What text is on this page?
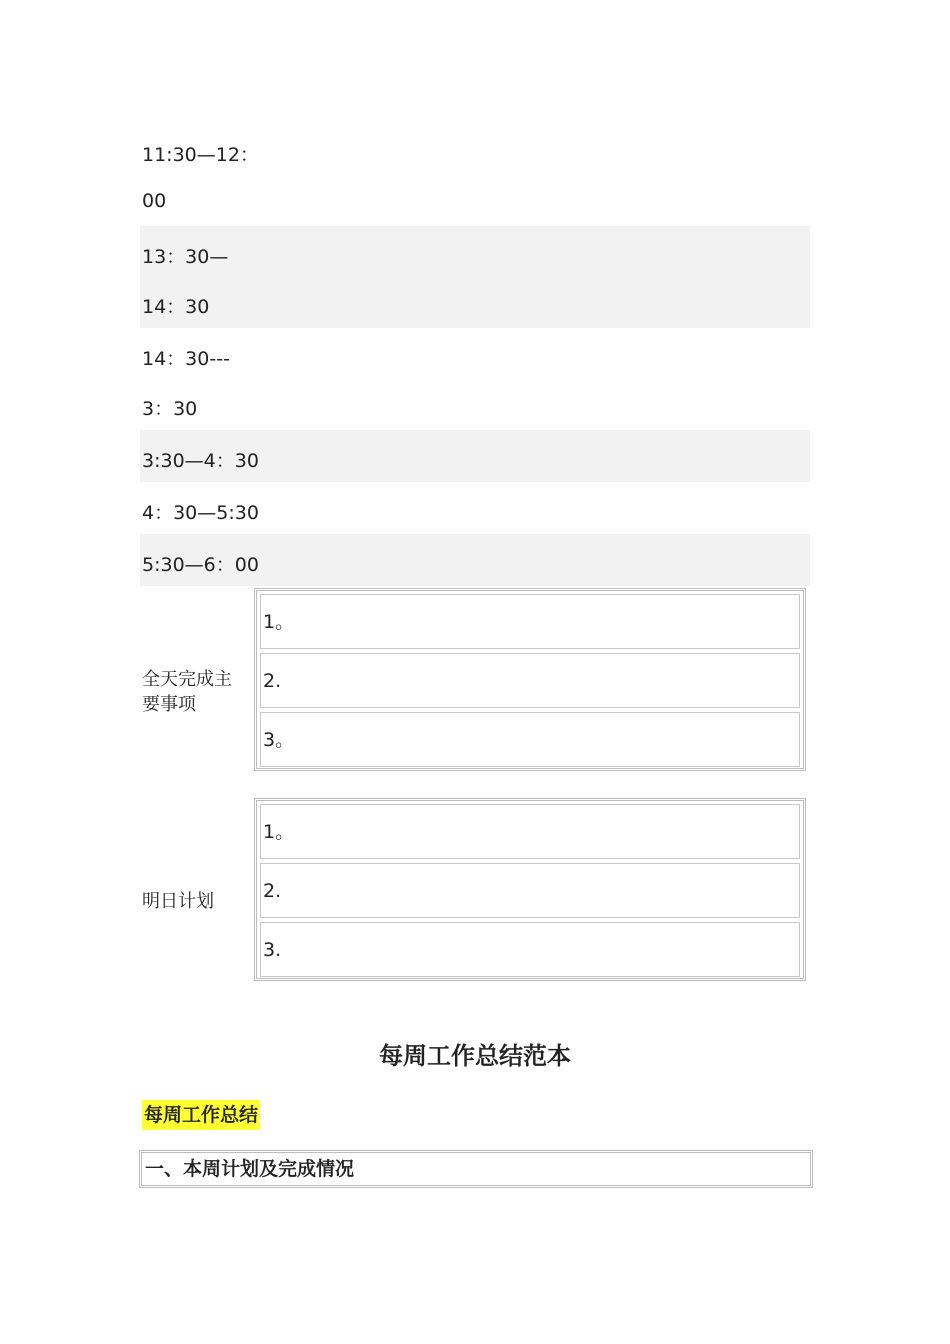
11:30—12：
00
13：30—
14：30
14：30---
3：30
3:30—4：30
4：30—5:30
5:30—6：00
全天完成主
要事项
1。
2.
3。
明日计划
1。
2.
3.
每周工作总结范本
每周工作总结
一、本周计划及完成情况
